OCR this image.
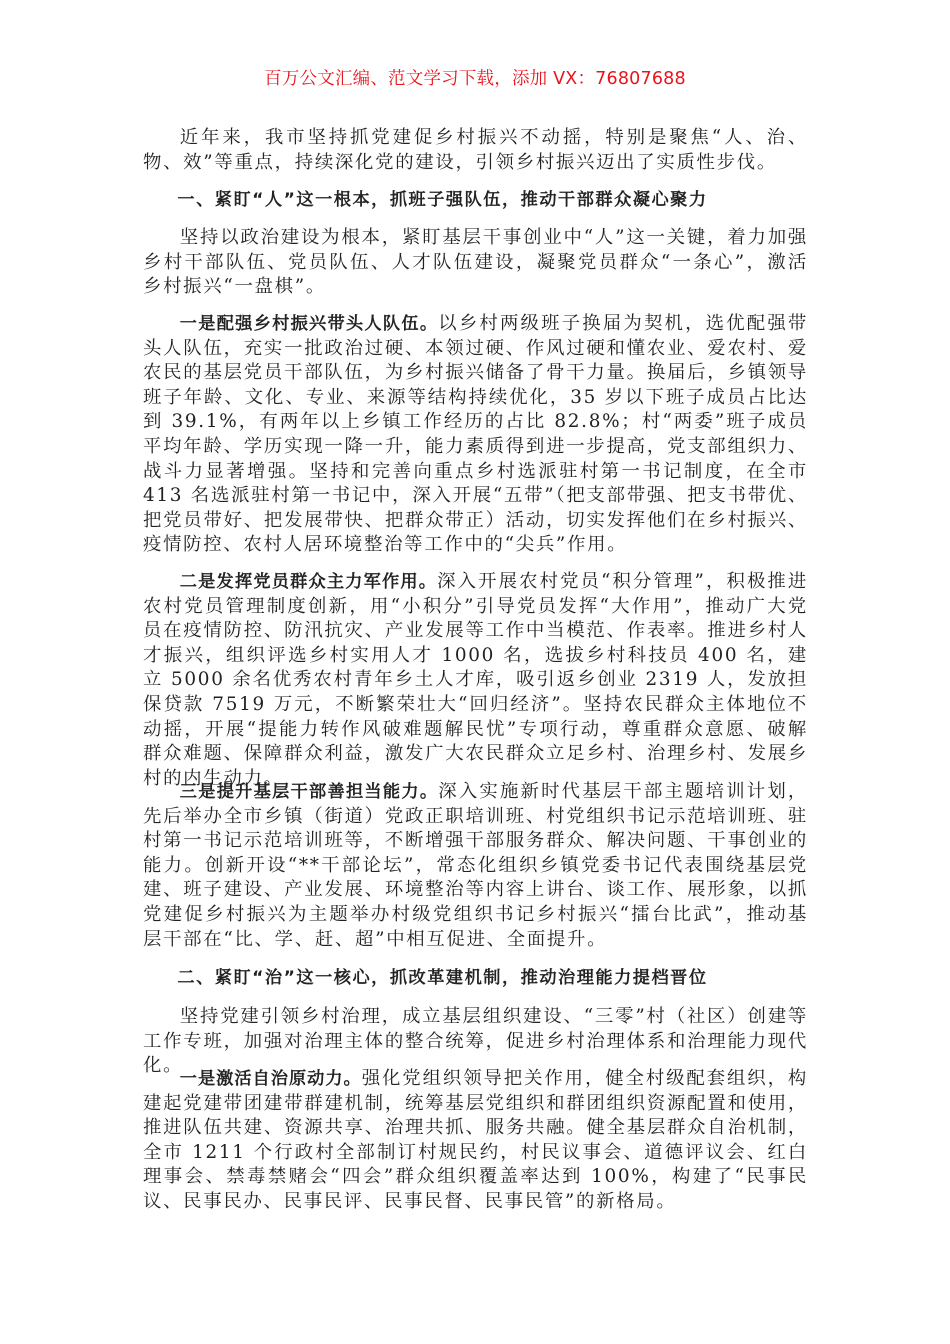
百万公文汇编、范文学习下载，添加 VX：76807688

近年来，我市坚持抓党建促乡村振兴不动摇，特别是聚焦“人、治、物、效”等重点，持续深化党的建设，引领乡村振兴迈出了实质性步伐。

一、紧盯“人”这一根本，抓班子强队伍，推动干部群众凝心聚力

坚持以政治建设为根本，紧盯基层干事创业中“人”这一关键，着力加强乡村干部队伍、党员队伍、人才队伍建设，凝聚党员群众“一条心”，激活乡村振兴“一盘棋”。

一是配强乡村振兴带头人队伍。以乡村两级班子换届为契机，选优配强带头人队伍，充实一批政治过硬、本领过硬、作风过硬和懂农业、爱农村、爱农民的基层党员干部队伍，为乡村振兴储备了骨干力量。换届后，乡镇领导班子年龄、文化、专业、来源等结构持续优化，35 岁以下班子成员占比达到 39.1%，有两年以上乡镇工作经历的占比 82.8%；村“两委”班子成员平均年龄、学历实现一降一升，能力素质得到进一步提高，党支部组织力、战斗力显著增强。坚持和完善向重点乡村选派驻村第一书记制度，在全市 413 名选派驻村第一书记中，深入开展“五带”（把支部带强、把支书带优、把党员带好、把发展带快、把群众带正）活动，切实发挥他们在乡村振兴、疫情防控、农村人居环境整治等工作中的“尖兵”作用。

二是发挥党员群众主力军作用。深入开展农村党员“积分管理”，积极推进农村党员管理制度创新，用“小积分”引导党员发挥“大作用”，推动广大党员在疫情防控、防汛抗灾、产业发展等工作中当模范、作表率。推进乡村人才振兴，组织评选乡村实用人才 1000 名，选拔乡村科技员 400 名，建立 5000 余名优秀农村青年乡土人才库，吸引返乡创业 2319 人，发放担保贷款 7519 万元，不断繁荣壮大“回归经济”。坚持农民群众主体地位不动摇，开展“提能力转作风破难题解民忧”专项行动，尊重群众意愿、破解群众难题、保障群众利益，激发广大农民群众立足乡村、治理乡村、发展乡村的内生动力。

三是提升基层干部善担当能力。深入实施新时代基层干部主题培训计划，先后举办全市乡镇（街道）党政正职培训班、村党组织书记示范培训班、驻村第一书记示范培训班等，不断增强干部服务群众、解决问题、干事创业的能力。创新开设“**干部论坛”，常态化组织乡镇党委书记代表围绕基层党建、班子建设、产业发展、环境整治等内容上讲台、谈工作、展形象，以抓党建促乡村振兴为主题举办村级党组织书记乡村振兴“擂台比武”，推动基层干部在“比、学、赶、超”中相互促进、全面提升。

二、紧盯“治”这一核心，抓改革建机制，推动治理能力提档晋位

坚持党建引领乡村治理，成立基层组织建设、“三零”村（社区）创建等工作专班，加强对治理主体的整合统筹，促进乡村治理体系和治理能力现代化。

一是激活自治原动力。强化党组织领导把关作用，健全村级配套组织，构建起党建带团建带群建机制，统筹基层党组织和群团组织资源配置和使用，推进队伍共建、资源共享、治理共抓、服务共融。健全基层群众自治机制，全市 1211 个行政村全部制订村规民约，村民议事会、道德评议会、红白理事会、禁毒禁赌会“四会”群众组织覆盖率达到 100%，构建了“民事民议、民事民办、民事民评、民事民督、民事民管”的新格局。
